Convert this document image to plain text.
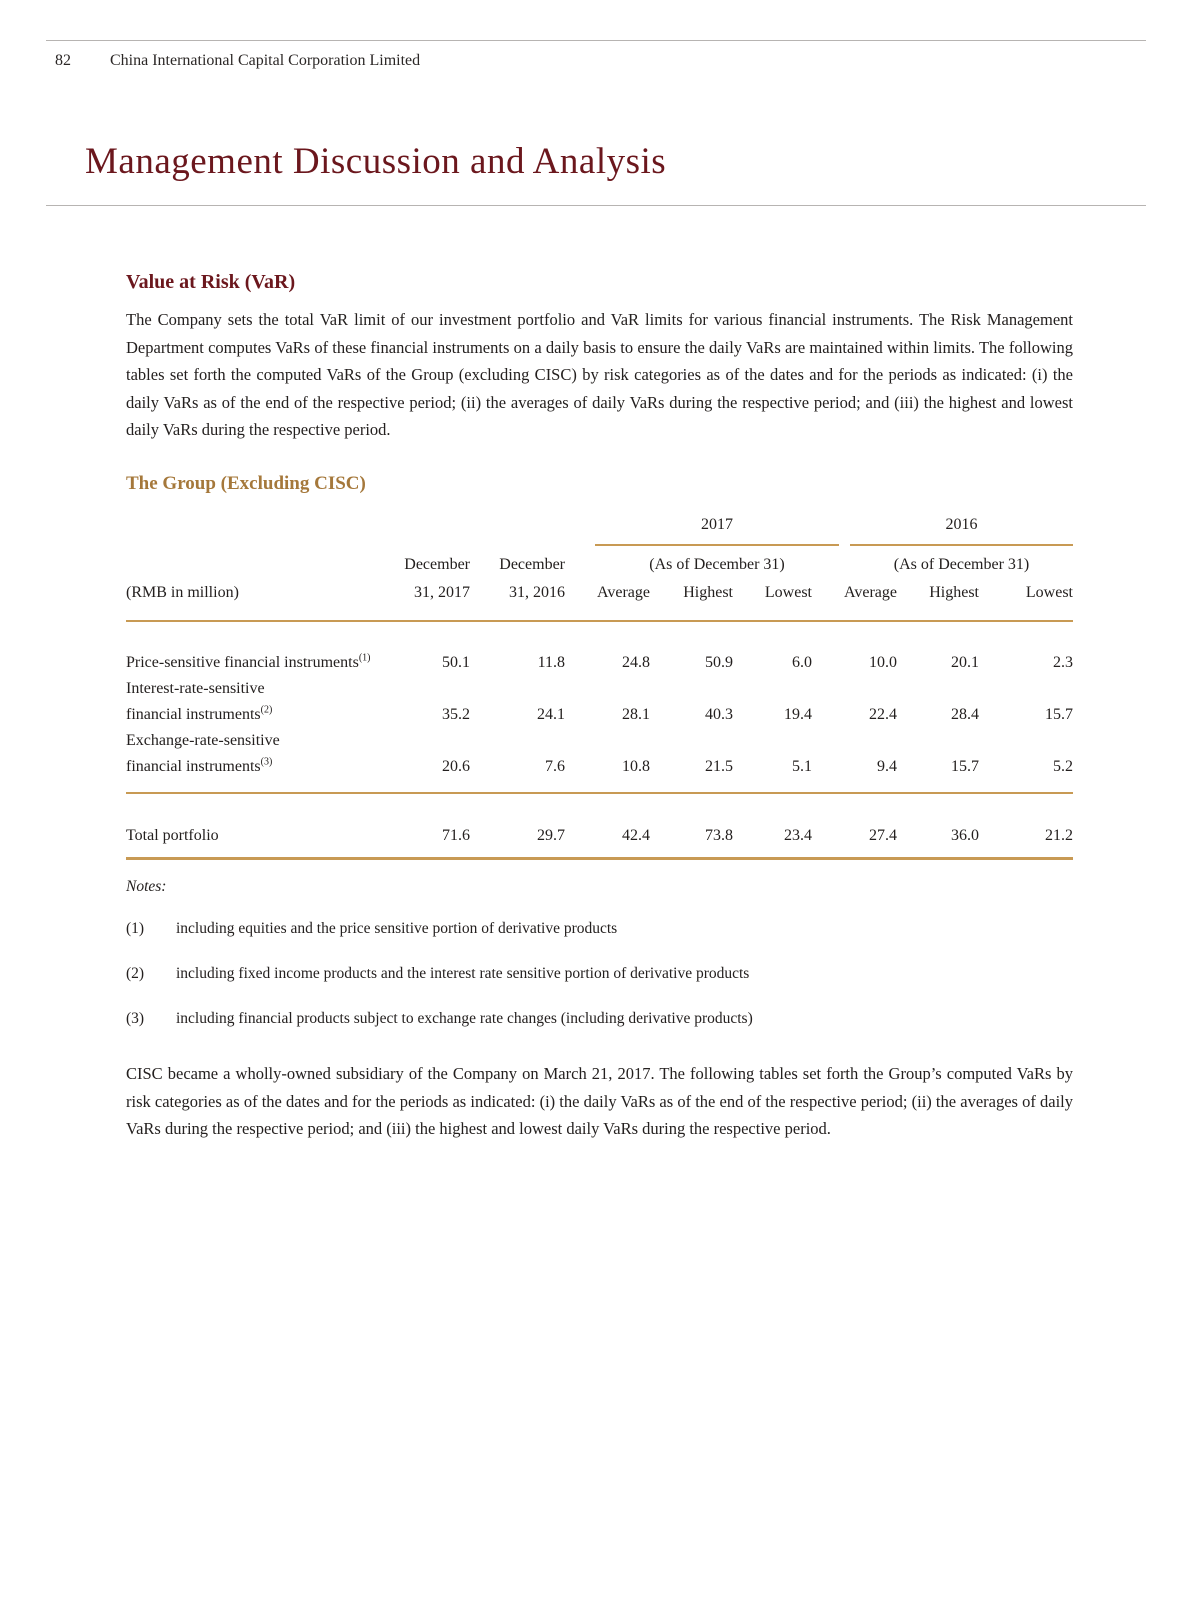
82 China International Capital Corporation Limited
Management Discussion and Analysis
Value at Risk (VaR)

The Company sets the total VaR limit of our investment portfolio and VaR limits for various financial instruments. The Risk Management Department computes VaRs of these financial instruments on a daily basis to ensure the daily VaRs are maintained within limits. The following tables set forth the computed VaRs of the Group (excluding CISC) by risk categories as of the dates and for the periods as indicated: (i) the daily VaRs as of the end of the respective period; (ii) the averages of daily VaRs during the respective period; and (iii) the highest and lowest daily VaRs during the respective period.

The Group (Excluding CISC)

			2017			2016		

	December	December	(As of December 31)			(As of December 31)		

(RMB in million)	31, 2017	31, 2016	Average	Highest	Lowest	Average	Highest	Lowest
Price-sensitive financial instruments$^{(1)}$	50.1	11.8	24.8	50.9	6.0	10.0	20.1	2.3
Interest-rate-sensitive								
financial instruments$^{(2)}$	35.2	24.1	28.1	40.3	19.4	22.4	28.4	15.7
Exchange-rate-sensitive								
financial instruments$^{(3)}$	20.6	7.6	10.8	21.5	5.1	9.4	15.7	5.2

Total portfolio	71.6	29.7	42.4	73.8	23.4	27.4	36.0	21.2
Notes:
(1)	including equities and the price sensitive portion of derivative products
(2)	including fixed income products and the interest rate sensitive portion of derivative products
(3)	including financial products subject to exchange rate changes (including derivative products)

CISC became a wholly-owned subsidiary of the Company on March 21, 2017. The following tables set forth the Group’s computed VaRs by risk categories as of the dates and for the periods as indicated: (i) the daily VaRs as of the end of the respective period; (ii) the averages of daily VaRs during the respective period; and (iii) the highest and lowest daily VaRs during the respective period.
